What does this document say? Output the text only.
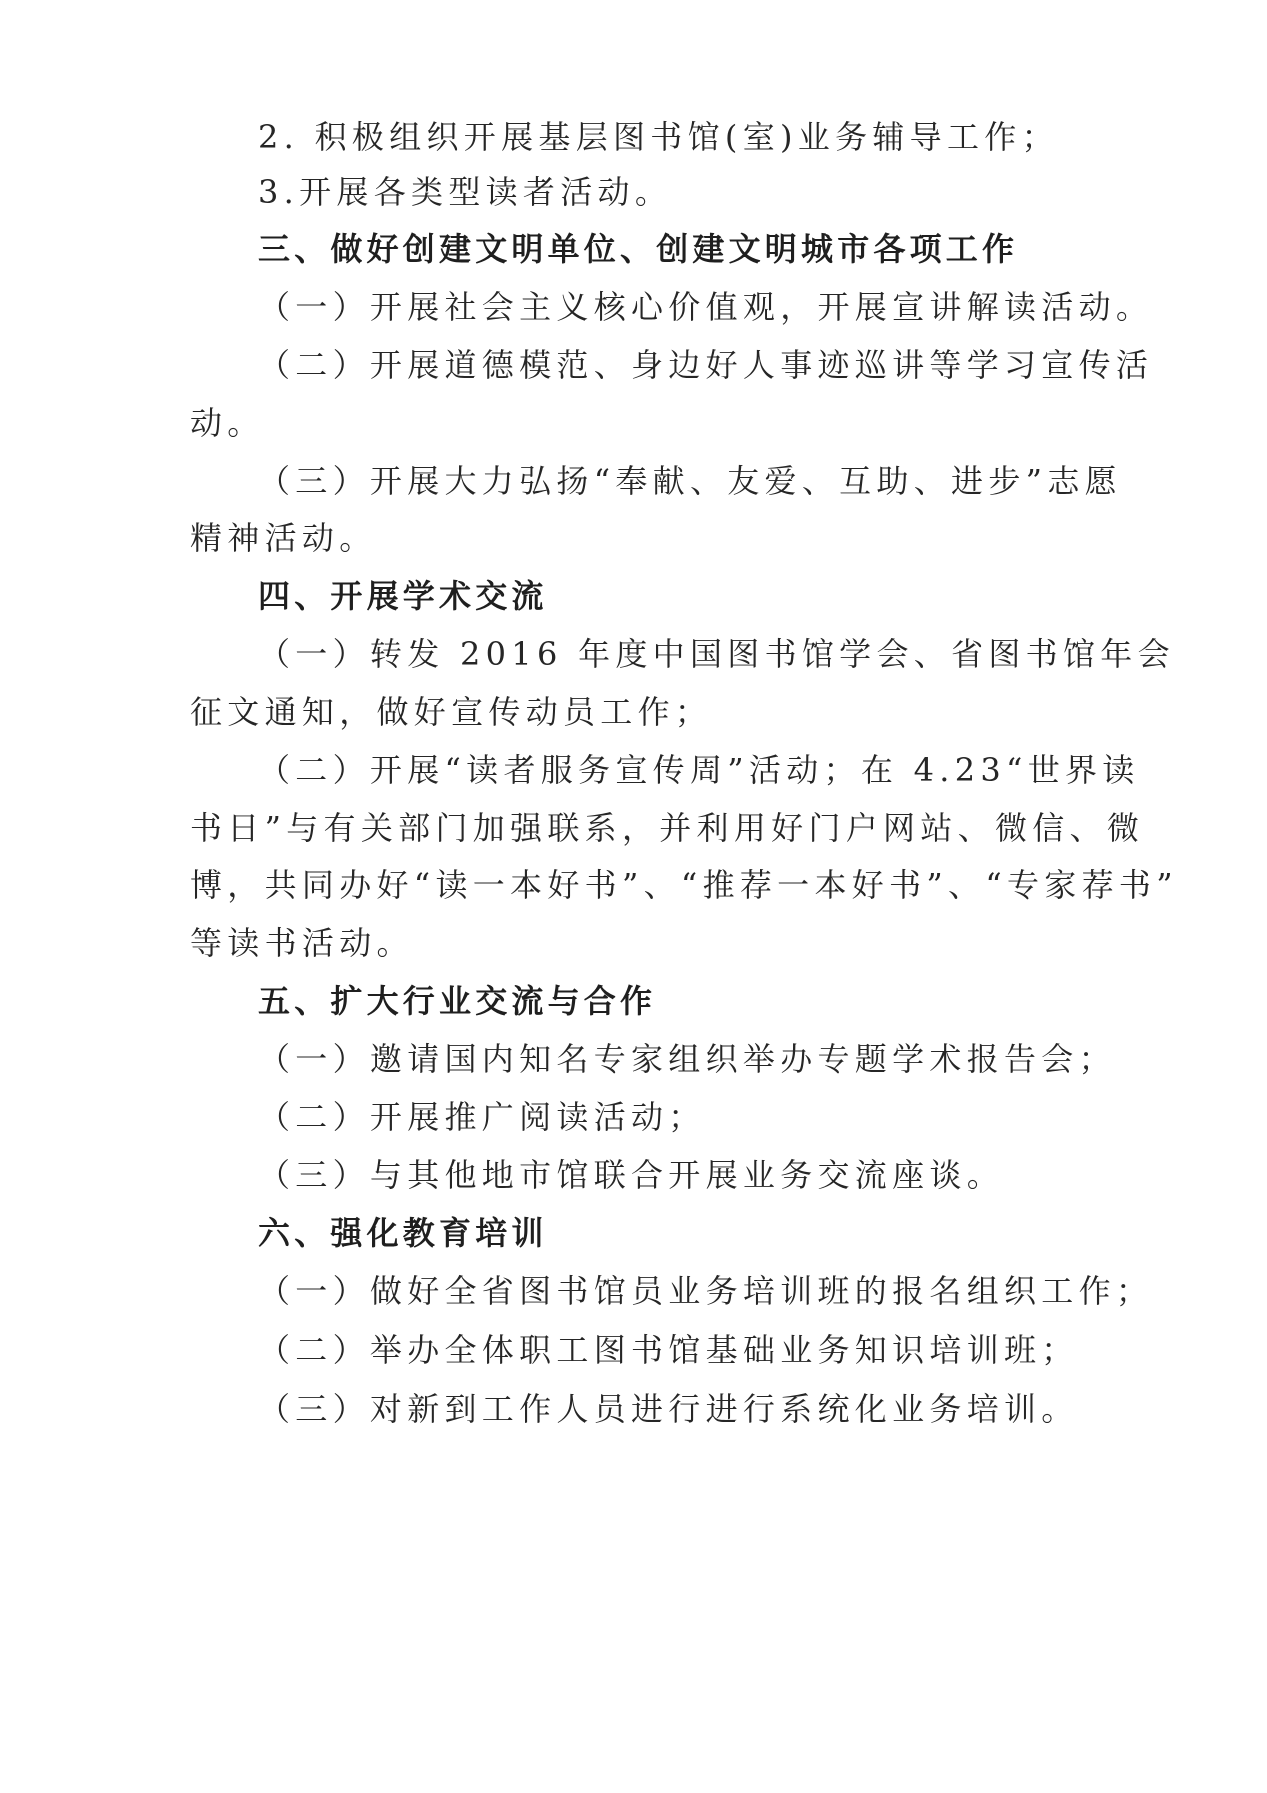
2. 积极组织开展基层图书馆(室)业务辅导工作；

3.开展各类型读者活动。

三、做好创建文明单位、创建文明城市各项工作

（一）开展社会主义核心价值观，开展宣讲解读活动。

（二）开展道德模范、身边好人事迹巡讲等学习宣传活

动。

（三）开展大力弘扬“奉献、友爱、互助、进步”志愿

精神活动。

四、开展学术交流

（一）转发 2016 年度中国图书馆学会、省图书馆年会

征文通知，做好宣传动员工作；

（二）开展“读者服务宣传周”活动；在 4.23“世界读

书日”与有关部门加强联系，并利用好门户网站、微信、微

博，共同办好“读一本好书”、“推荐一本好书”、“专家荐书”

等读书活动。

五、扩大行业交流与合作

（一）邀请国内知名专家组织举办专题学术报告会；

（二）开展推广阅读活动；

（三）与其他地市馆联合开展业务交流座谈。

六、强化教育培训

（一）做好全省图书馆员业务培训班的报名组织工作；

（二）举办全体职工图书馆基础业务知识培训班；

（三）对新到工作人员进行进行系统化业务培训。
